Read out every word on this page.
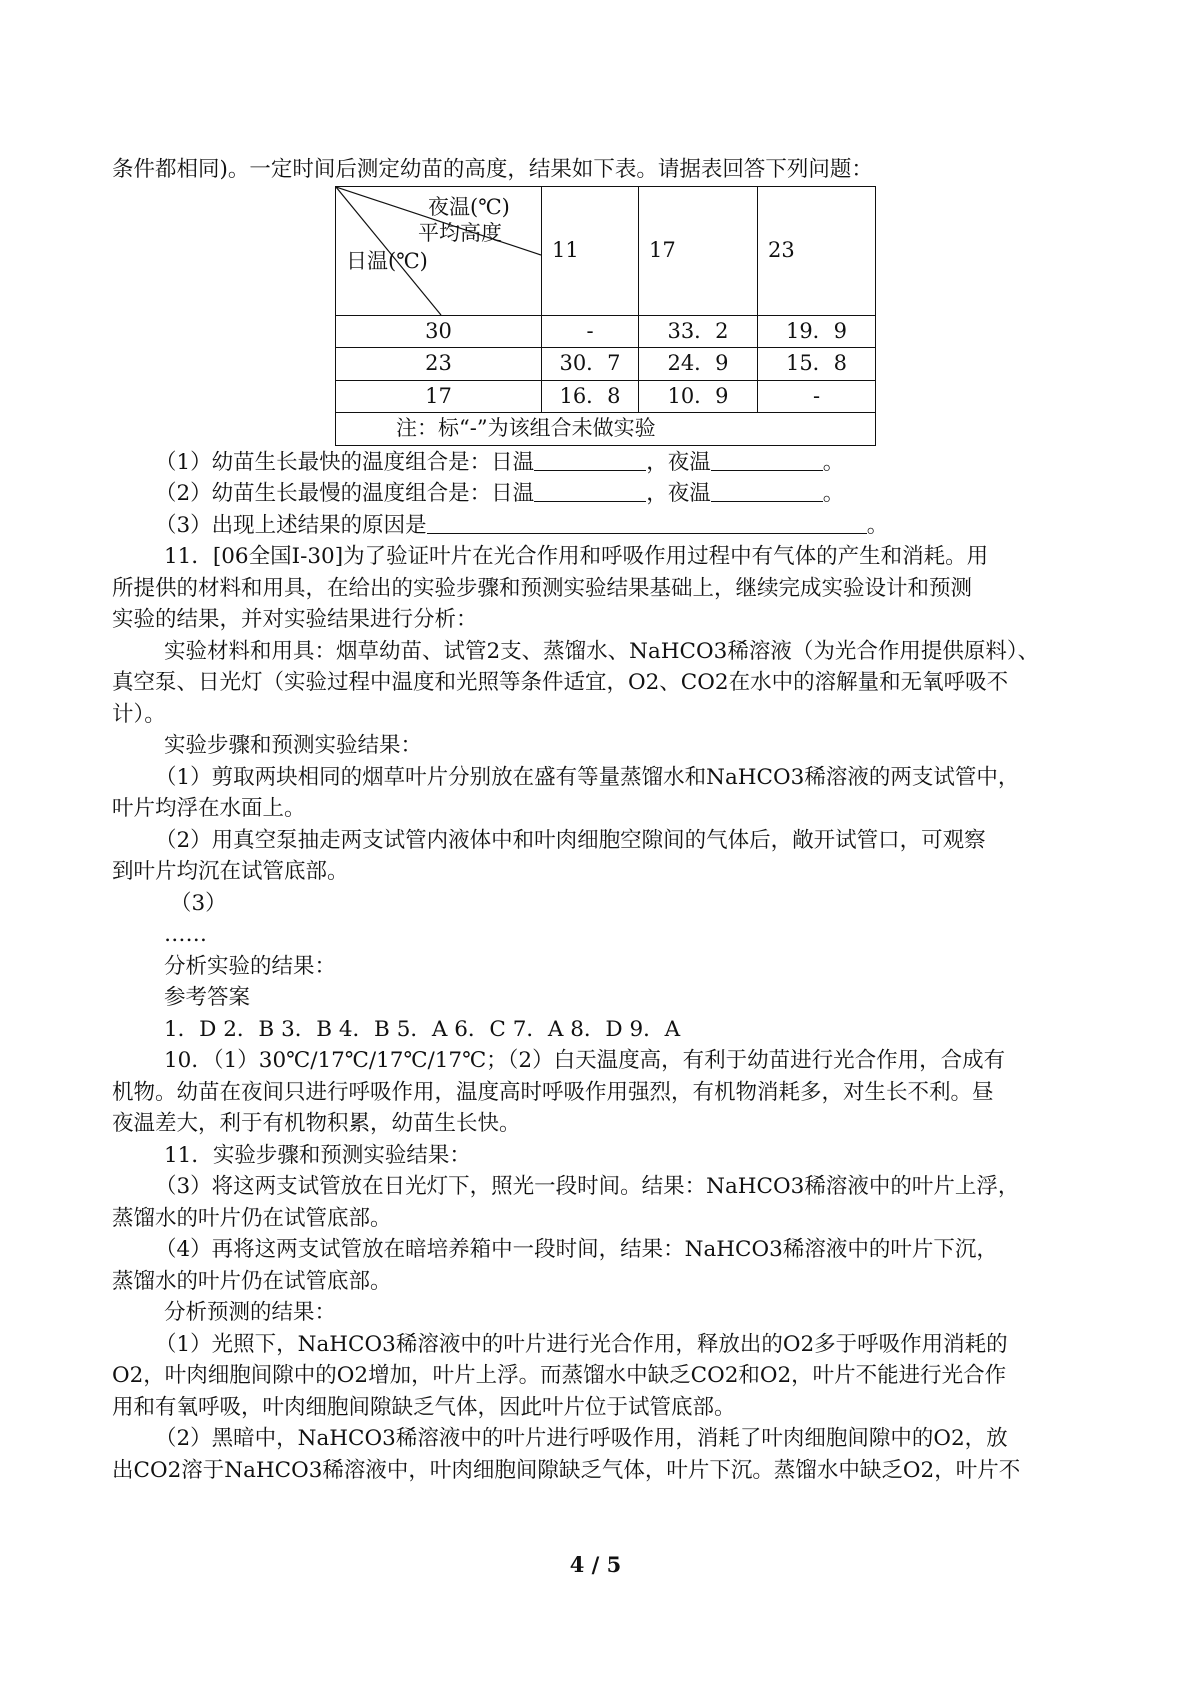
条件都相同)。一定时间后测定幼苗的高度，结果如下表。请据表回答下列问题：
夜温(℃)
平均高度
日温(℃)	11	17	23
30	-	33．2	19．9
23	30．7	24．9	15．8
17	16．8	10．9	-
注：标“-”为该组合未做实验			
（1）幼苗生长最快的温度组合是：日温	，夜温	。
（2）幼苗生长最慢的温度组合是：日温	，夜温	。
（3）出现上述结果的原因是	。
11．[06全国Ⅰ-30]为了验证叶片在光合作用和呼吸作用过程中有气体的产生和消耗。用
所提供的材料和用具，在给出的实验步骤和预测实验结果基础上，继续完成实验设计和预测
实验的结果，并对实验结果进行分析：
实验材料和用具：烟草幼苗、试管2支、蒸馏水、NaHCO3稀溶液（为光合作用提供原料）、
真空泵、日光灯（实验过程中温度和光照等条件适宜，O2、CO2在水中的溶解量和无氧呼吸不
计）。
实验步骤和预测实验结果：
（1）剪取两块相同的烟草叶片分别放在盛有等量蒸馏水和NaHCO3稀溶液的两支试管中，
叶片均浮在水面上。
（2）用真空泵抽走两支试管内液体中和叶肉细胞空隙间的气体后，敞开试管口，可观察
到叶片均沉在试管底部。
（3）
……
分析实验的结果：
参考答案
1．D 2．B 3．B 4．B 5．A 6．C 7．A 8．D 9．A
10．（1）30℃/17℃/17℃/17℃；（2）白天温度高，有利于幼苗进行光合作用，合成有
机物。幼苗在夜间只进行呼吸作用，温度高时呼吸作用强烈，有机物消耗多，对生长不利。昼
夜温差大，利于有机物积累，幼苗生长快。
11．实验步骤和预测实验结果：
（3）将这两支试管放在日光灯下，照光一段时间。结果：NaHCO3稀溶液中的叶片上浮，
蒸馏水的叶片仍在试管底部。
（4）再将这两支试管放在暗培养箱中一段时间，结果：NaHCO3稀溶液中的叶片下沉，
蒸馏水的叶片仍在试管底部。
分析预测的结果：
（1）光照下，NaHCO3稀溶液中的叶片进行光合作用，释放出的O2多于呼吸作用消耗的
O2，叶肉细胞间隙中的O2增加，叶片上浮。而蒸馏水中缺乏CO2和O2，叶片不能进行光合作
用和有氧呼吸，叶肉细胞间隙缺乏气体，因此叶片位于试管底部。
（2）黑暗中，NaHCO3稀溶液中的叶片进行呼吸作用，消耗了叶肉细胞间隙中的O2，放
出CO2溶于NaHCO3稀溶液中，叶肉细胞间隙缺乏气体，叶片下沉。蒸馏水中缺乏O2，叶片不
4 / 5
